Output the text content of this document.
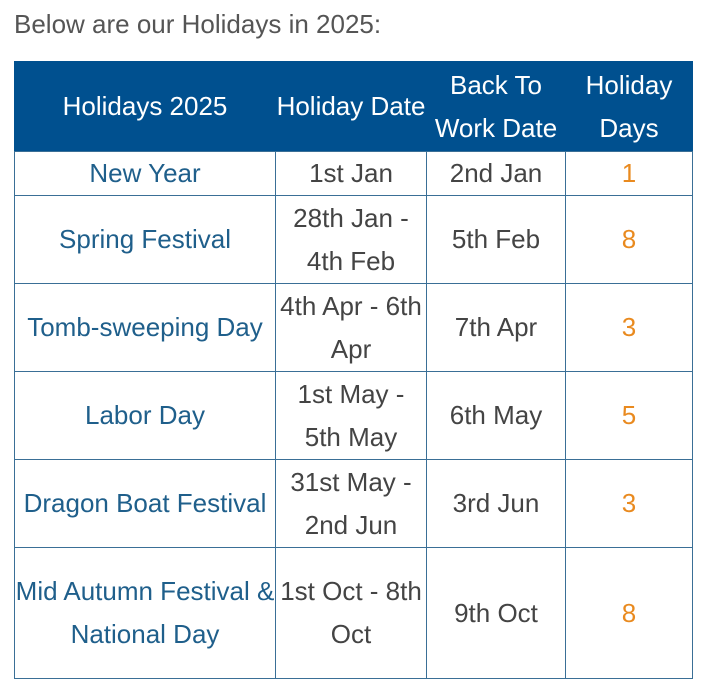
Below are our Holidays in 2025:
Holidays 2025	Holiday Date	Back To Work Date	Holiday Days
New Year	1st Jan	2nd Jan	1
Spring Festival	28th Jan - 4th Feb	5th Feb	8
Tomb-sweeping Day	4th Apr - 6th Apr	7th Apr	3
Labor Day	1st May - 5th May	6th May	5
Dragon Boat Festival	31st May - 2nd Jun	3rd Jun	3
Mid Autumn Festival & National Day	1st Oct - 8th Oct	9th Oct	8
